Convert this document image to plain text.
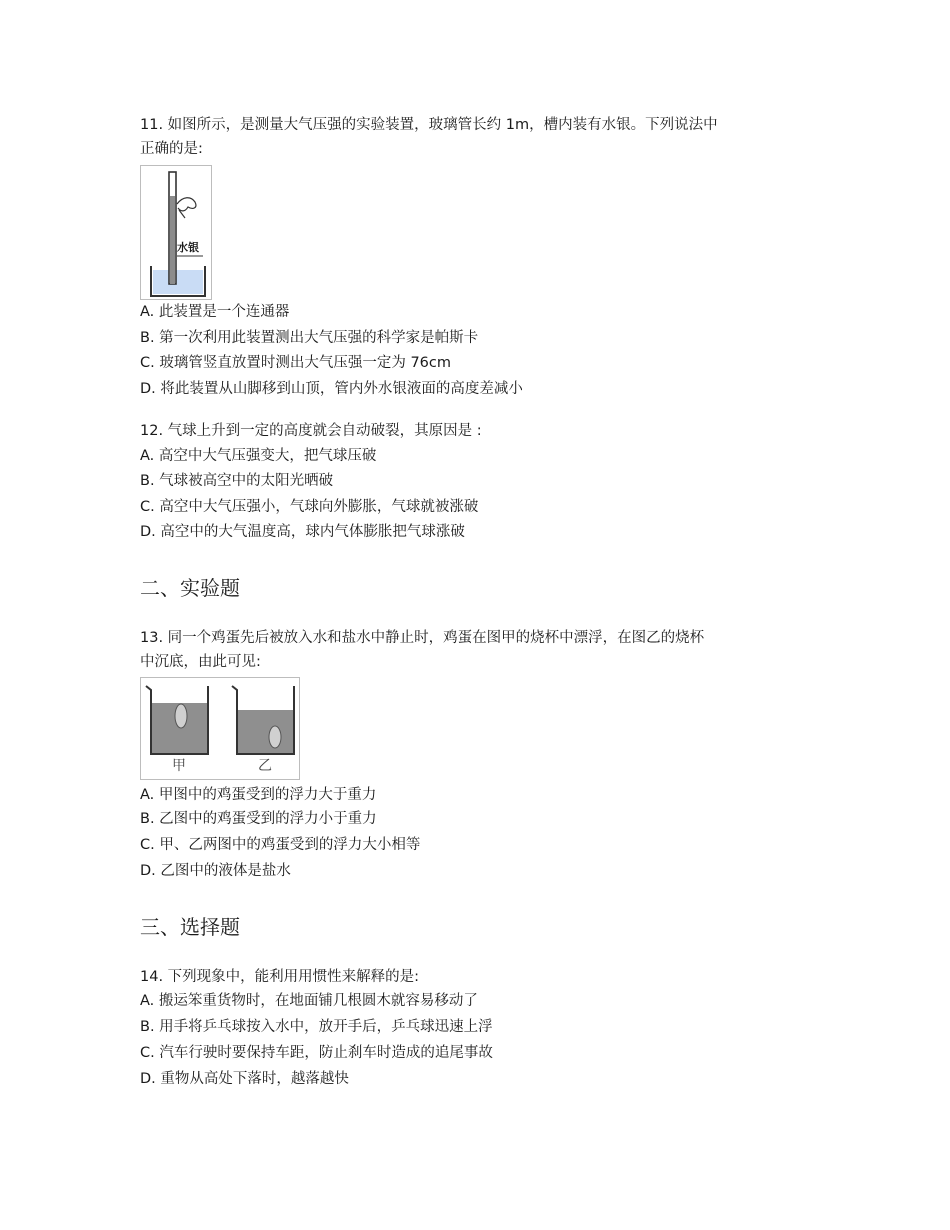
11. 如图所示，是测量大气压强的实验装置，玻璃管长约 1m，槽内装有水银。下列说法中
正确的是:
水银
A. 此装置是一个连通器
B. 第一次利用此装置测出大气压强的科学家是帕斯卡
C. 玻璃管竖直放置时测出大气压强一定为 76cm
D. 将此装置从山脚移到山顶，管内外水银液面的高度差减小
12. 气球上升到一定的高度就会自动破裂，其原因是 :
A. 高空中大气压强变大，把气球压破
B. 气球被高空中的太阳光晒破
C. 高空中大气压强小，气球向外膨胀，气球就被涨破
D. 高空中的大气温度高，球内气体膨胀把气球涨破
二、实验题
13. 同一个鸡蛋先后被放入水和盐水中静止时，鸡蛋在图甲的烧杯中漂浮，在图乙的烧杯
中沉底，由此可见:
甲	乙
A. 甲图中的鸡蛋受到的浮力大于重力
B. 乙图中的鸡蛋受到的浮力小于重力
C. 甲、乙两图中的鸡蛋受到的浮力大小相等
D. 乙图中的液体是盐水
三、选择题
14. 下列现象中，能利用用惯性来解释的是:
A. 搬运笨重货物时，在地面铺几根圆木就容易移动了
B. 用手将乒乓球按入水中，放开手后，乒乓球迅速上浮
C. 汽车行驶时要保持车距，防止刹车时造成的追尾事故
D. 重物从高处下落时，越落越快
